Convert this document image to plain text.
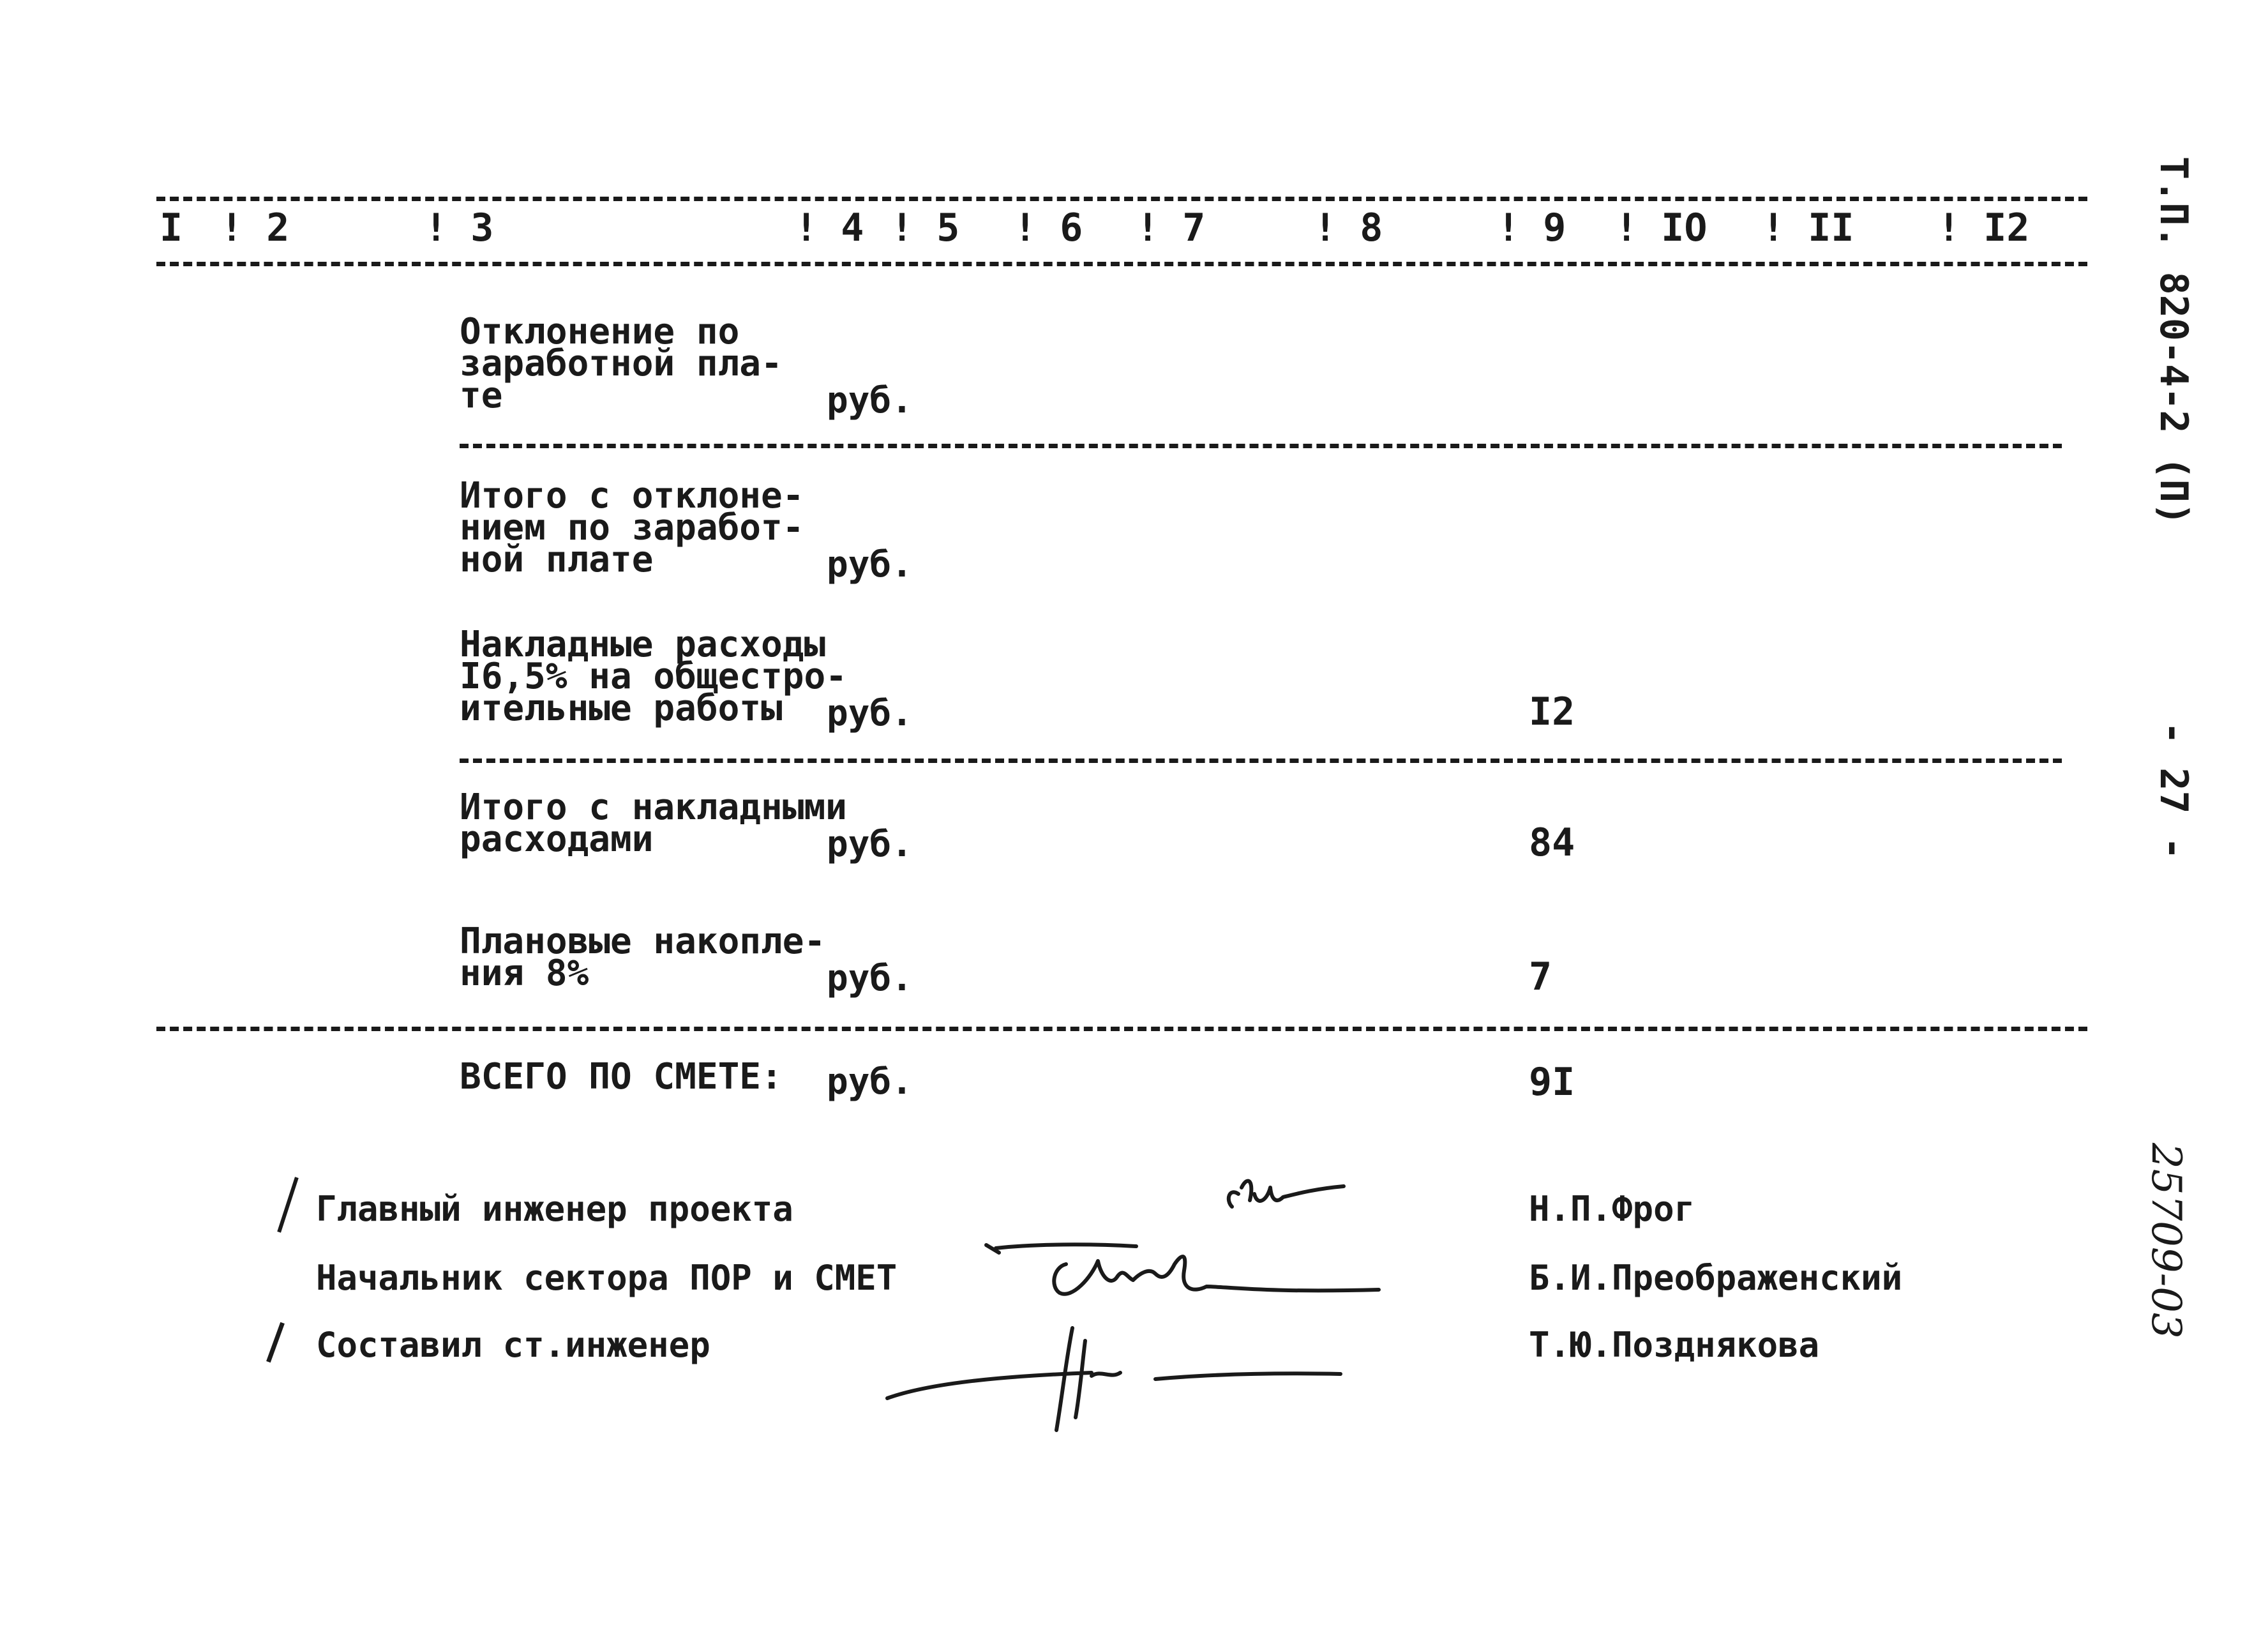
I ! 2	! 3	! 4 ! 5 ! 6 ! 7	! 8	! 9 ! IO ! II ! I2
Отклонение по
заработной пла-
те	руб.
Итого с отклоне-
нием по заработ-
ной плате	руб.
Накладные расходы
I6,5% на общестро-
ительные работы руб.	I2
Итого с накладными
расходами	руб.	84
Плановые накопле-
ния 8%	руб.	7
ВСЕГО ПО СМЕТЕ: руб.	9I
Главный инженер проекта	Н.П.Фрог
Начальник сектора ПОР и СМЕТ	Б.И.Преображенский
Составил ст.инженер	Т.Ю.Позднякова
Т.П. 820-4-2 (П)
- 27 -
25709-03
